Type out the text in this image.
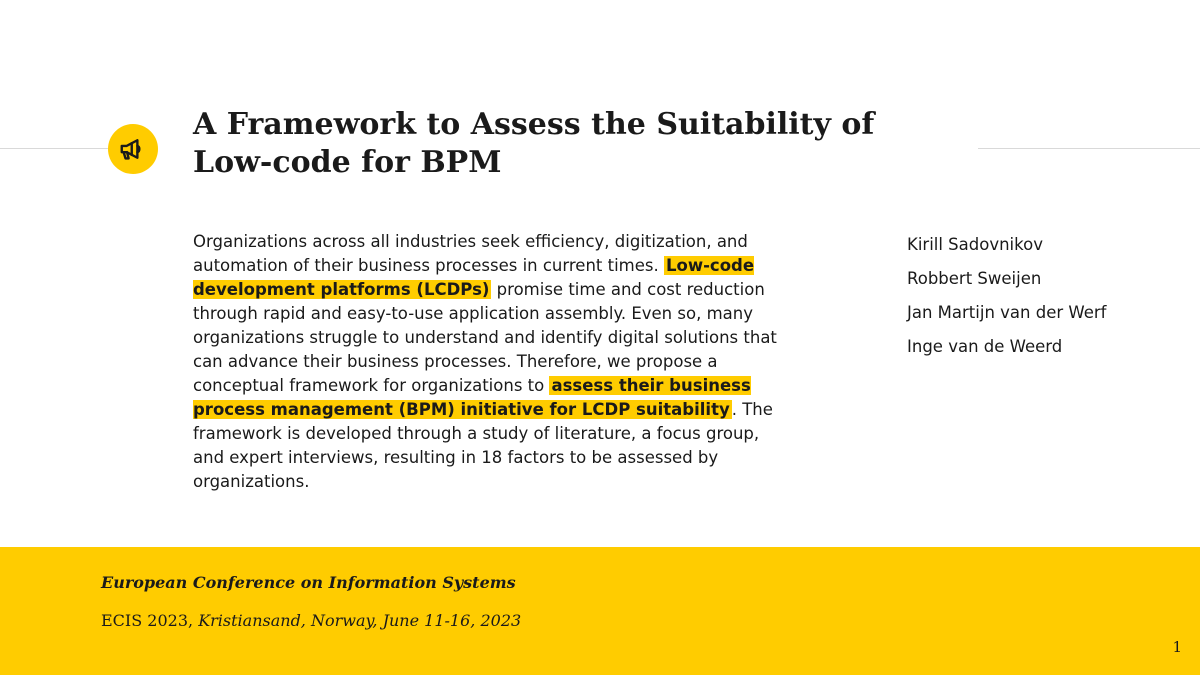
A Framework to Assess the Suitability of Low-code for BPM

Organizations across all industries seek efficiency, digitization, and automation of their business processes in current times. Low-code development platforms (LCDPs) promise time and cost reduction through rapid and easy-to-use application assembly. Even so, many organizations struggle to understand and identify digital solutions that can advance their business processes. Therefore, we propose a conceptual framework for organizations to assess their business process management (BPM) initiative for LCDP suitability . The framework is developed through a study of literature, a focus group, and expert interviews, resulting in 18 factors to be assessed by organizations.

Kirill Sadovnikov
Robbert Sweijen
Jan Martijn van der Werf
Inge van de Weerd

European Conference on Information Systems

ECIS 2023, Kristiansand, Norway, June 11-16, 2023

1
